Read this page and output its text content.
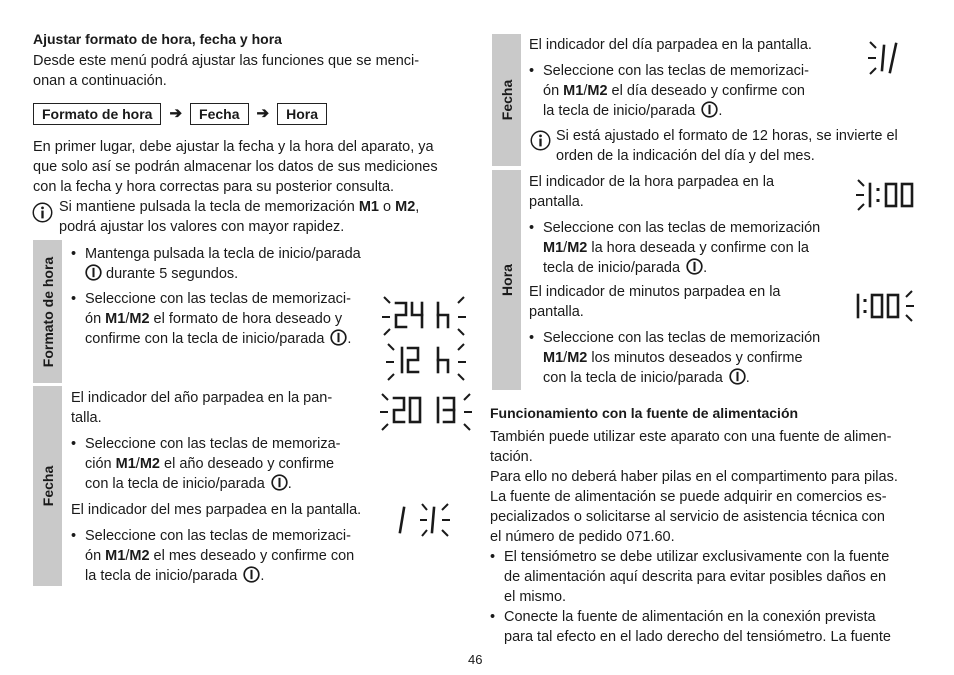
Ajustar formato de hora, fecha y hora
Desde este menú podrá ajustar las funciones que se menci-
onan a continuación.
Formato de hora	➔	Fecha	➔	Hora
En primer lugar, debe ajustar la fecha y la hora del aparato, ya
que solo así se podrán almacenar los datos de sus mediciones
con la fecha y hora correctas para su posterior consulta.
Si mantiene pulsada la tecla de memorización M1 o M2,
podrá ajustar los valores con mayor rapidez.
Formato de hora
• Mantenga pulsada la tecla de inicio/parada
durante 5 segundos.
• Seleccione con las teclas de memorizaci-
ón M1/M2 el formato de hora deseado y
confirme con la tecla de inicio/parada .
Fecha
El indicador del año parpadea en la pan-
talla.
• Seleccione con las teclas de memoriza-
ción M1/M2 el año deseado y confirme
con la tecla de inicio/parada .
El indicador del mes parpadea en la pantalla.
• Seleccione con las teclas de memorizaci-
ón M1/M2 el mes deseado y confirme con
la tecla de inicio/parada .
Fecha
El indicador del día parpadea en la pantalla.
• Seleccione con las teclas de memorizaci-
ón M1/M2 el día deseado y confirme con
la tecla de inicio/parada .
Si está ajustado el formato de 12 horas, se invierte el
orden de la indicación del día y del mes.
Hora
El indicador de la hora parpadea en la
pantalla.
• Seleccione con las teclas de memorización
M1/M2 la hora deseada y confirme con la
tecla de inicio/parada .
El indicador de minutos parpadea en la
pantalla.
• Seleccione con las teclas de memorización
M1/M2 los minutos deseados y confirme
con la tecla de inicio/parada .
Funcionamiento con la fuente de alimentación
También puede utilizar este aparato con una fuente de alimen-
tación.
Para ello no deberá haber pilas en el compartimento para pilas.
La fuente de alimentación se puede adquirir en comercios es-
pecializados o solicitarse al servicio de asistencia técnica con
el número de pedido 071.60.
• El tensiómetro se debe utilizar exclusivamente con la fuente
de alimentación aquí descrita para evitar posibles daños en
el mismo.
• Conecte la fuente de alimentación en la conexión prevista
para tal efecto en el lado derecho del tensiómetro. La fuente
46
